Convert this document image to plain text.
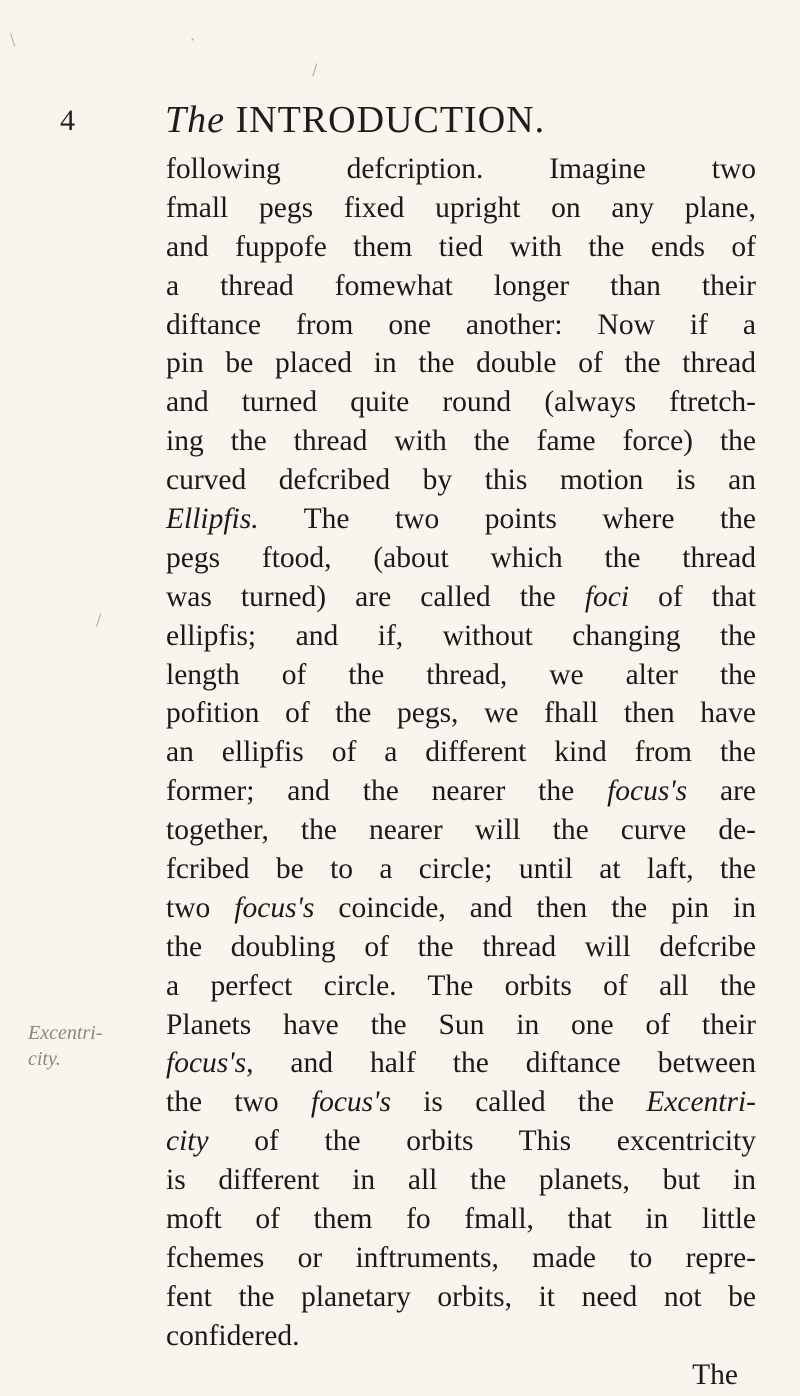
4 The INTRODUCTION.
Excentri-
city.
following defcription. Imagine two
fmall pegs fixed upright on any plane,
and fuppofe them tied with the ends of
a thread fomewhat longer than their
diftance from one another: Now if a
pin be placed in the double of the thread
and turned quite round (always ftretch-
ing the thread with the fame force) the
curved defcribed by this motion is an
Ellipfis. The two points where the
pegs ftood, (about which the thread
was turned) are called the foci of that
ellipfis; and if, without changing the
length of the thread, we alter the
pofition of the pegs, we fhall then have
an ellipfis of a different kind from the
former; and the nearer the focus's are
together, the nearer will the curve de-
fcribed be to a circle; until at laft, the
two focus's coincide, and then the pin in
the doubling of the thread will defcribe
a perfect circle. The orbits of all the
Planets have the Sun in one of their
focus's, and half the diftance between
the two focus's is called the Excentri-
city of the orbits This excentricity
is different in all the planets, but in
moft of them fo fmall, that in little
fchemes or inftruments, made to repre-
fent the planetary orbits, it need not be
confidered.
The
\	·
/
/
